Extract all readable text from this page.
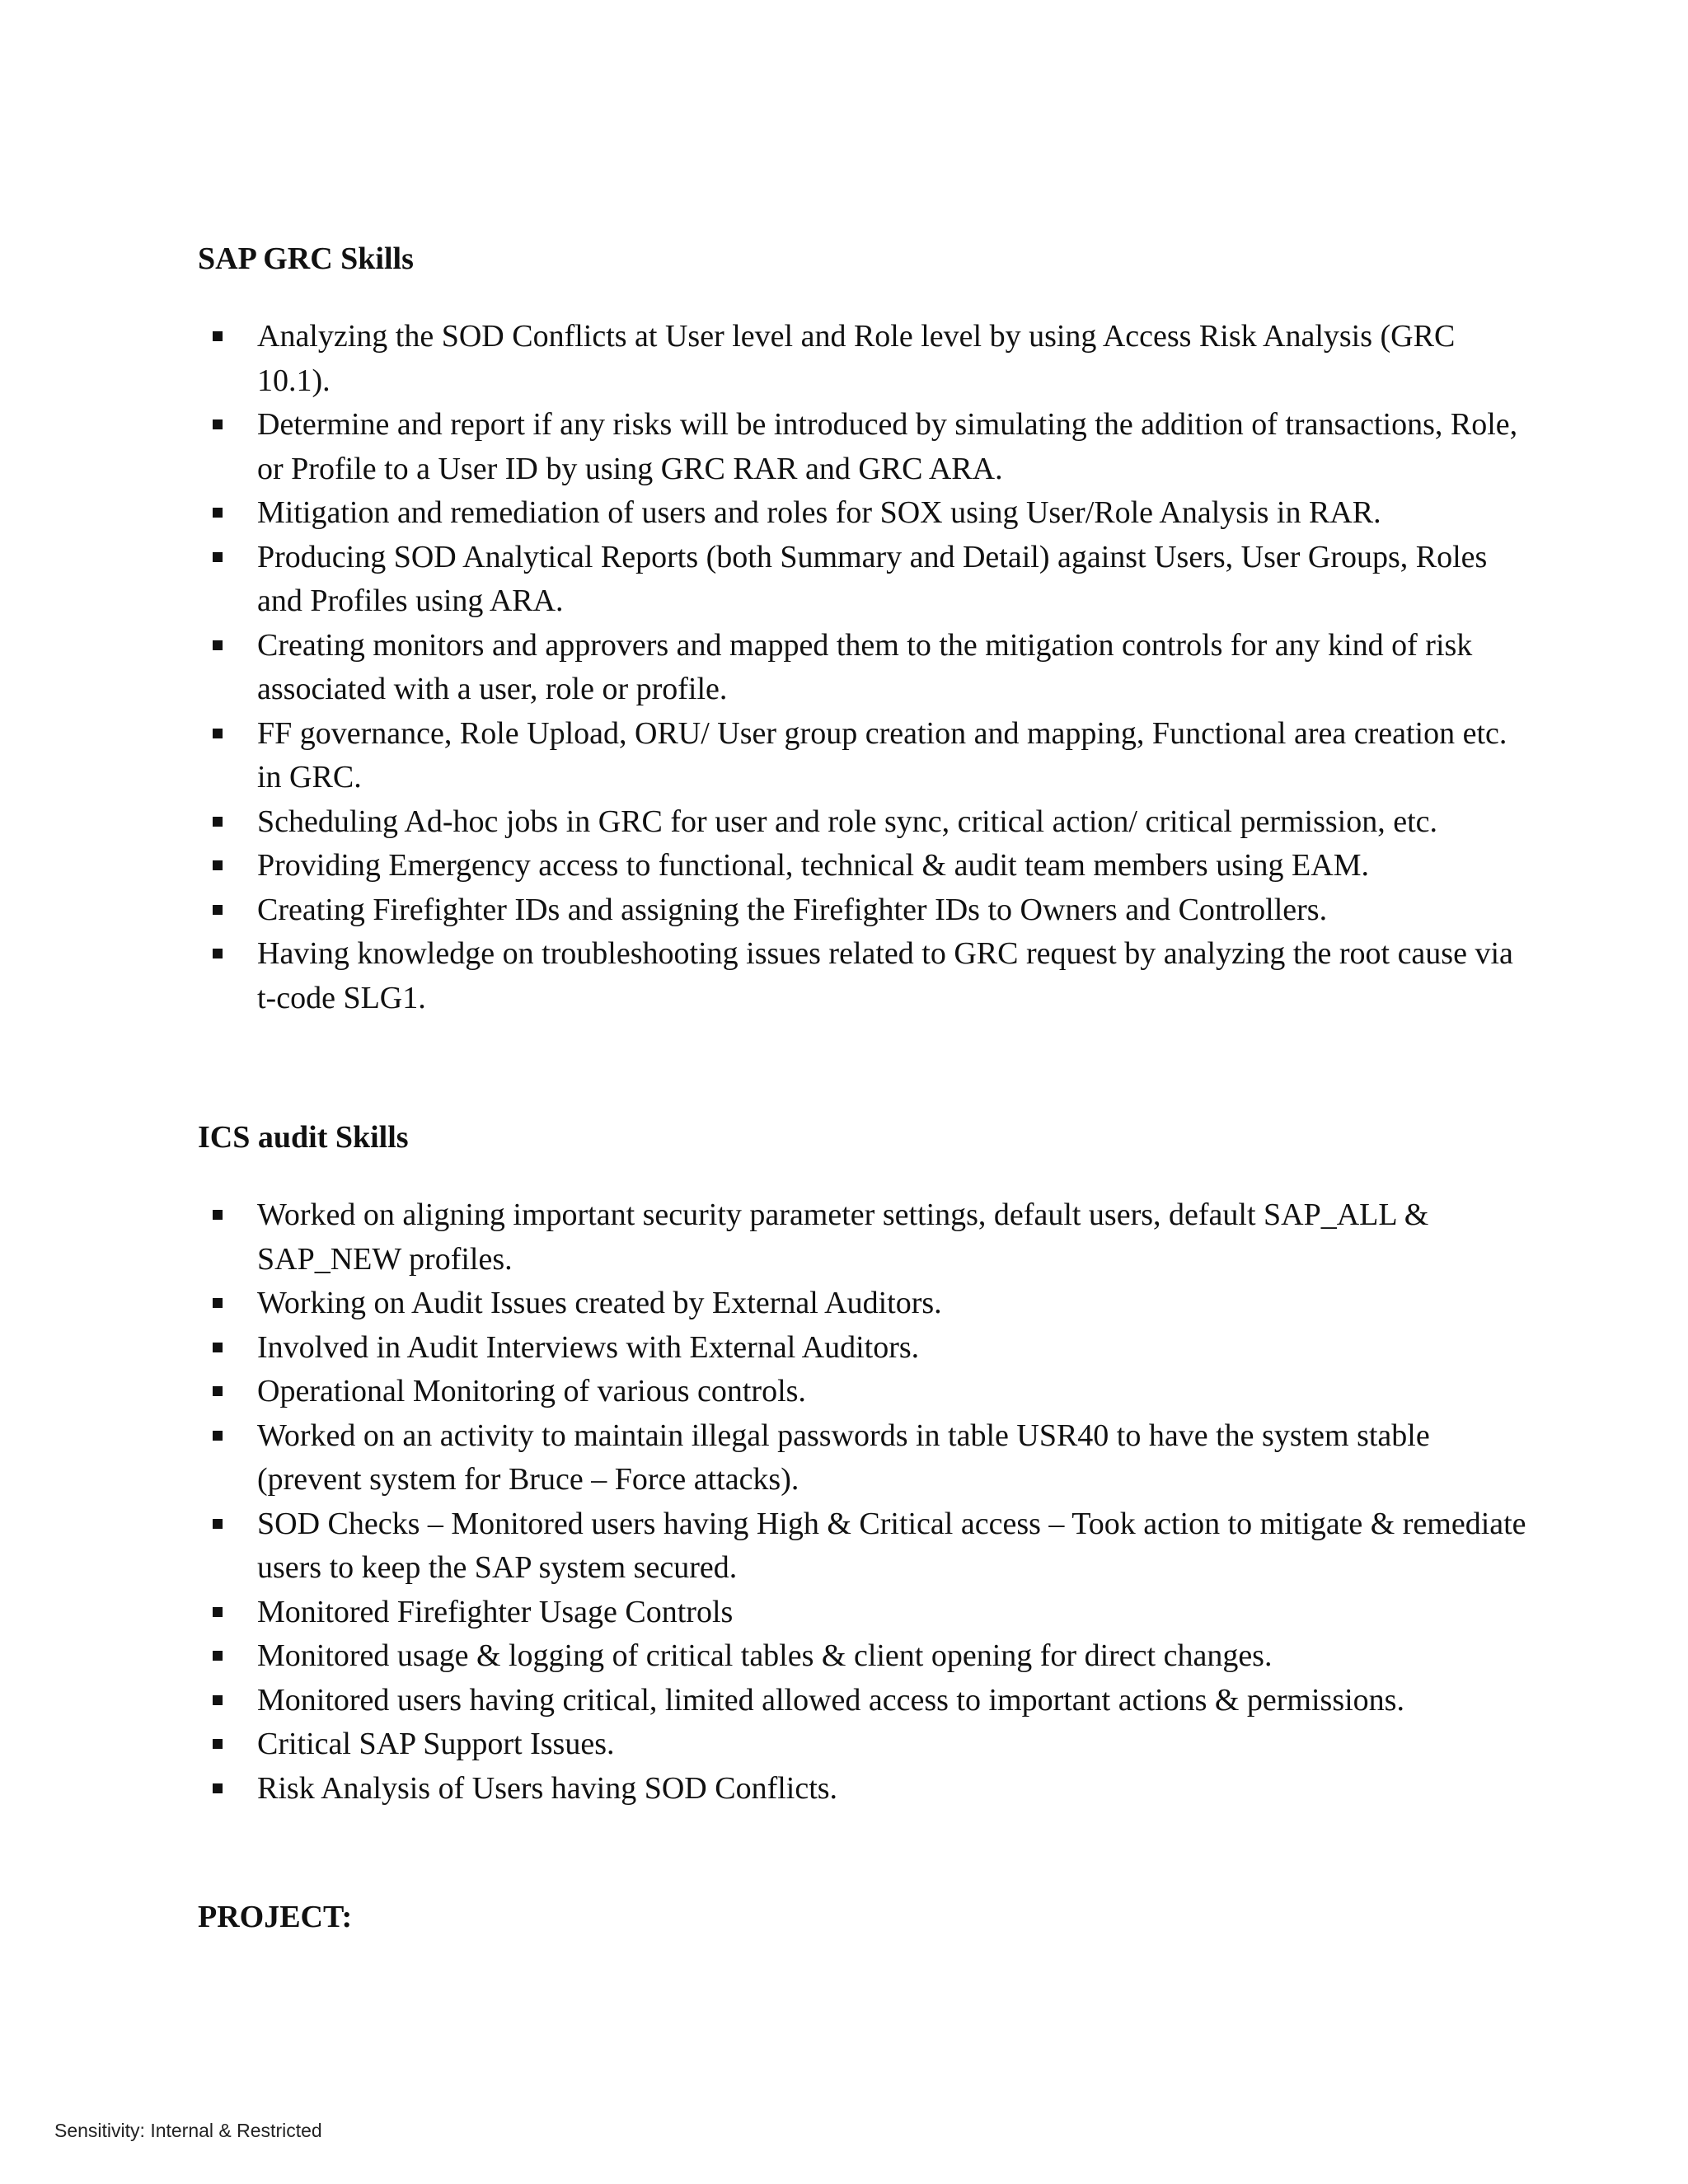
SAP GRC Skills
Analyzing the SOD Conflicts at User level and Role level by using Access Risk Analysis (GRC 10.1).
Determine and report if any risks will be introduced by simulating the addition of transactions, Role, or Profile to a User ID by using GRC RAR and GRC ARA.
Mitigation and remediation of users and roles for SOX using User/Role Analysis in RAR.
Producing SOD Analytical Reports (both Summary and Detail) against Users, User Groups, Roles and Profiles using ARA.
Creating monitors and approvers and mapped them to the mitigation controls for any kind of risk associated with a user, role or profile.
FF governance, Role Upload, ORU/ User group creation and mapping, Functional area creation etc. in GRC.
Scheduling Ad-hoc jobs in GRC for user and role sync, critical action/ critical permission, etc.
Providing Emergency access to functional, technical & audit team members using EAM.
Creating Firefighter IDs and assigning the Firefighter IDs to Owners and Controllers.
Having knowledge on troubleshooting issues related to GRC request by analyzing the root cause via t-code SLG1.
ICS audit Skills
Worked on aligning important security parameter settings, default users, default SAP_ALL & SAP_NEW profiles.
Working on Audit Issues created by External Auditors.
Involved in Audit Interviews with External Auditors.
Operational Monitoring of various controls.
Worked on an activity to maintain illegal passwords in table USR40 to have the system stable (prevent system for Bruce – Force attacks).
SOD Checks – Monitored users having High & Critical access – Took action to mitigate & remediate users to keep the SAP system secured.
Monitored Firefighter Usage Controls
Monitored usage & logging of critical tables & client opening for direct changes.
Monitored users having critical, limited allowed access to important actions & permissions.
Critical SAP Support Issues.
Risk Analysis of Users having SOD Conflicts.
PROJECT:

Sensitivity: Internal & Restricted
